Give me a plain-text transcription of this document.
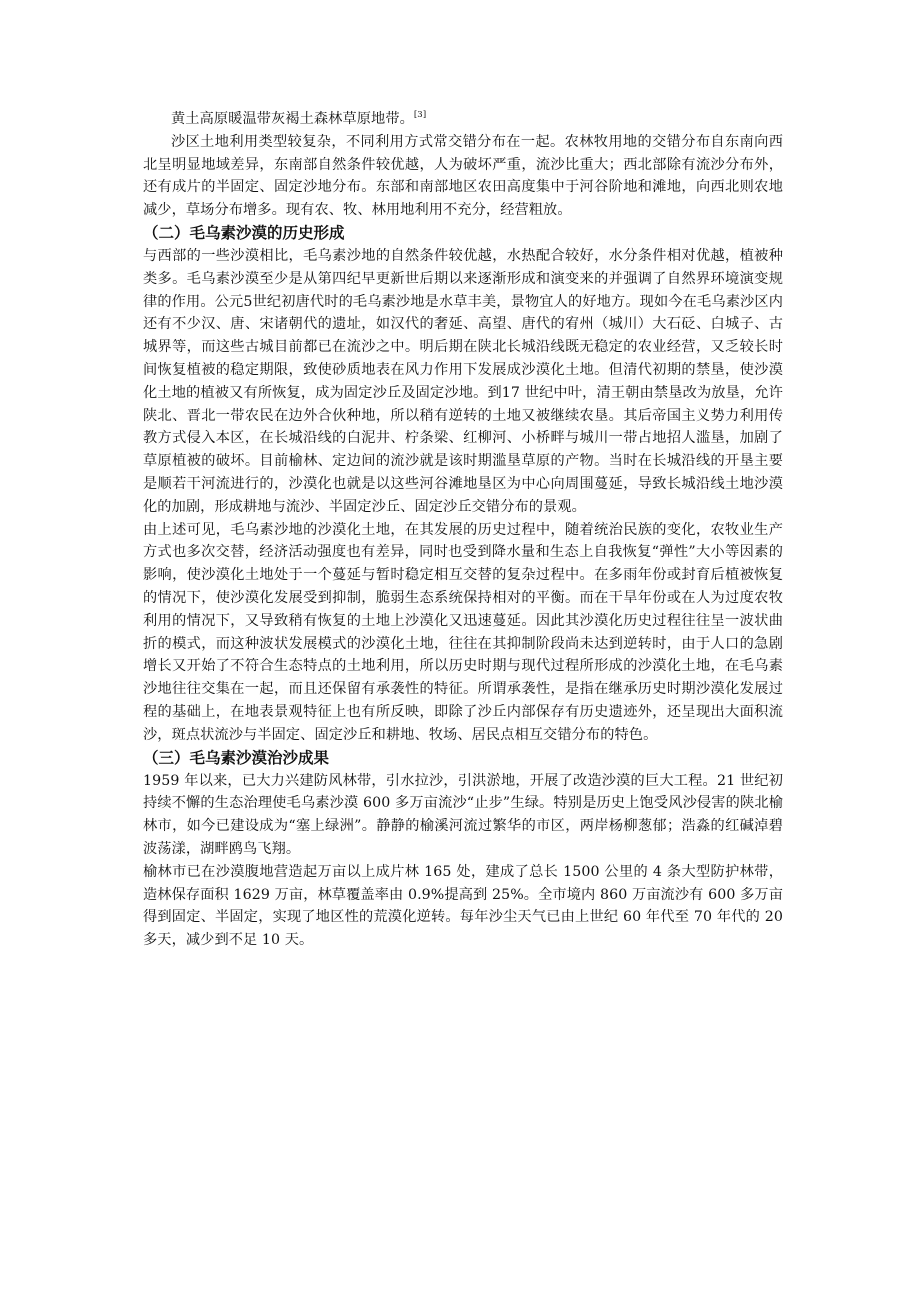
黄土高原暖温带灰褐土森林草原地带。[3]

沙区土地利用类型较复杂，不同利用方式常交错分布在一起。农林牧用地的交错分布自东南向西北呈明显地域差异，东南部自然条件较优越，人为破坏严重，流沙比重大；西北部除有流沙分布外，还有成片的半固定、固定沙地分布。东部和南部地区农田高度集中于河谷阶地和滩地，向西北则农地减少，草场分布增多。现有农、牧、林用地利用不充分，经营粗放。

（二）毛乌素沙漠的历史形成

与西部的一些沙漠相比，毛乌素沙地的自然条件较优越，水热配合较好，水分条件相对优越，植被种类多。毛乌素沙漠至少是从第四纪早更新世后期以来逐渐形成和演变来的并强调了自然界环境演变规律的作用。公元5世纪初唐代时的毛乌素沙地是水草丰美，景物宜人的好地方。现如今在毛乌素沙区内还有不少汉、唐、宋诸朝代的遗址，如汉代的奢延、高望、唐代的宥州（城川）大石砭、白城子、古城界等，而这些古城目前都已在流沙之中。明后期在陕北长城沿线既无稳定的农业经营，又乏较长时间恢复植被的稳定期限，致使砂质地表在风力作用下发展成沙漠化土地。但清代初期的禁垦，使沙漠化土地的植被又有所恢复，成为固定沙丘及固定沙地。到17 世纪中叶，清王朝由禁垦改为放垦，允许陕北、晋北一带农民在边外合伙种地，所以稍有逆转的土地又被继续农垦。其后帝国主义势力利用传教方式侵入本区，在长城沿线的白泥井、柠条梁、红柳河、小桥畔与城川一带占地招人滥垦，加剧了草原植被的破坏。目前榆林、定边间的流沙就是该时期滥垦草原的产物。当时在长城沿线的开垦主要是顺若干河流进行的，沙漠化也就是以这些河谷滩地垦区为中心向周围蔓延，导致长城沿线土地沙漠化的加剧，形成耕地与流沙、半固定沙丘、固定沙丘交错分布的景观。

由上述可见，毛乌素沙地的沙漠化土地，在其发展的历史过程中，随着统治民族的变化，农牧业生产方式也多次交替，经济活动强度也有差异，同时也受到降水量和生态上自我恢复“弹性”大小等因素的影响，使沙漠化土地处于一个蔓延与暂时稳定相互交替的复杂过程中。在多雨年份或封育后植被恢复的情况下，使沙漠化发展受到抑制，脆弱生态系统保持相对的平衡。而在干旱年份或在人为过度农牧利用的情况下，又导致稍有恢复的土地上沙漠化又迅速蔓延。因此其沙漠化历史过程往往呈一波状曲折的模式，而这种波状发展模式的沙漠化土地，往往在其抑制阶段尚未达到逆转时，由于人口的急剧增长又开始了不符合生态特点的土地利用，所以历史时期与现代过程所形成的沙漠化土地，在毛乌素沙地往往交集在一起，而且还保留有承袭性的特征。所谓承袭性，是指在继承历史时期沙漠化发展过程的基础上，在地表景观特征上也有所反映，即除了沙丘内部保存有历史遗迹外，还呈现出大面积流沙，斑点状流沙与半固定、固定沙丘和耕地、牧场、居民点相互交错分布的特色。

（三）毛乌素沙漠治沙成果

1959 年以来，已大力兴建防风林带，引水拉沙，引洪淤地，开展了改造沙漠的巨大工程。21 世纪初持续不懈的生态治理使毛乌素沙漠 600 多万亩流沙“止步”生绿。特别是历史上饱受风沙侵害的陕北榆林市，如今已建设成为“塞上绿洲”。静静的榆溪河流过繁华的市区，两岸杨柳葱郁；浩淼的红碱淖碧波荡漾，湖畔鸥鸟飞翔。

榆林市已在沙漠腹地营造起万亩以上成片林 165 处，建成了总长 1500 公里的 4 条大型防护林带，造林保存面积 1629 万亩，林草覆盖率由 0.9%提高到 25%。全市境内 860 万亩流沙有 600 多万亩得到固定、半固定，实现了地区性的荒漠化逆转。每年沙尘天气已由上世纪 60 年代至 70 年代的 20 多天，减少到不足 10 天。
